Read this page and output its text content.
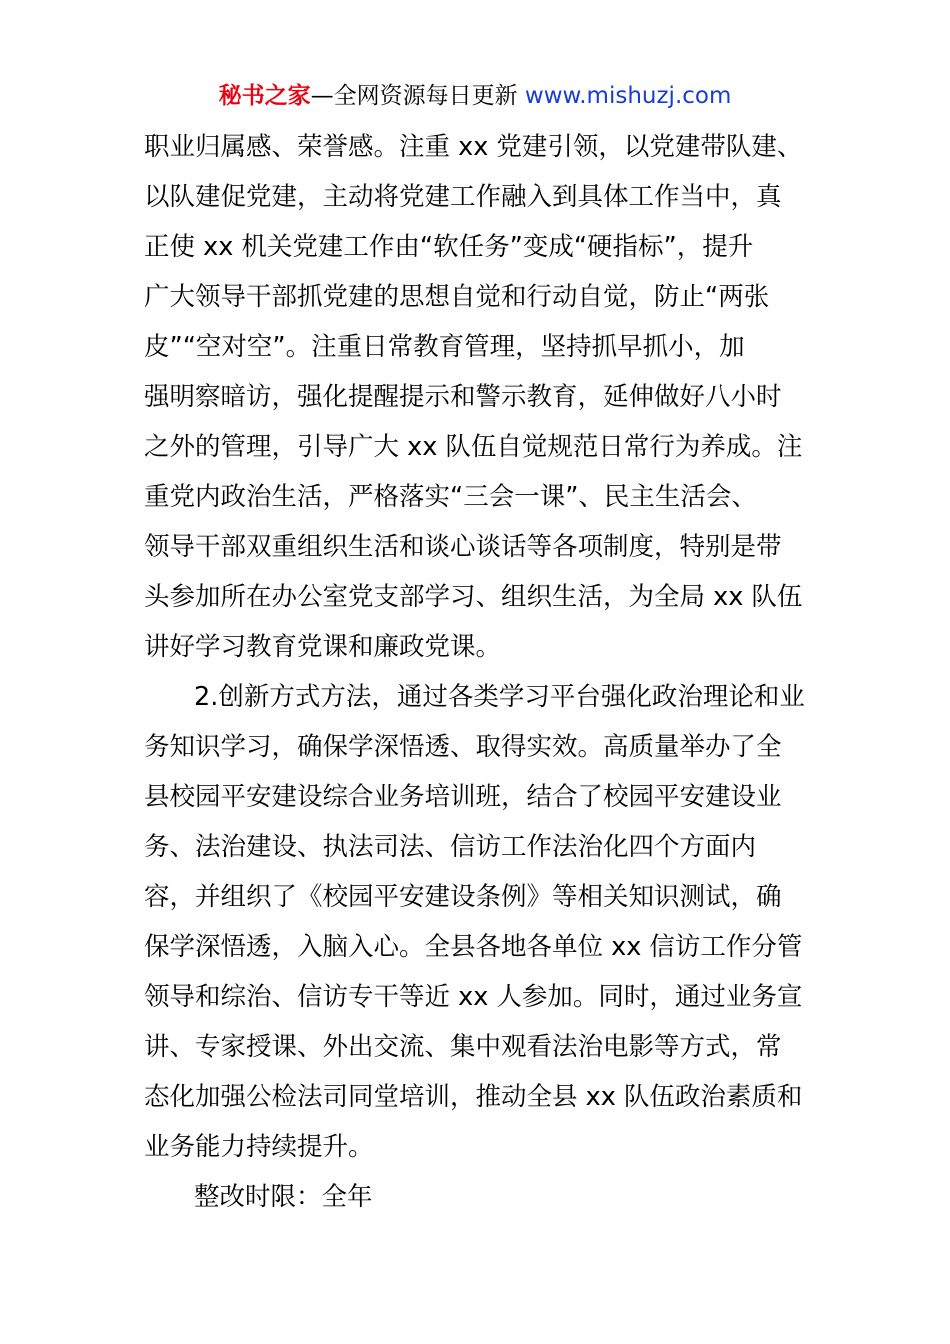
秘书之家—全网资源每日更新 www.mishuzj.com
职业归属感、荣誉感。注重 xx 党建引领，以党建带队建、
以队建促党建，主动将党建工作融入到具体工作当中，真
正使 xx 机关党建工作由“软任务”变成“硬指标”，提升
广大领导干部抓党建的思想自觉和行动自觉，防止“两张
皮”“空对空”。注重日常教育管理，坚持抓早抓小，加
强明察暗访，强化提醒提示和警示教育，延伸做好八小时
之外的管理，引导广大 xx 队伍自觉规范日常行为养成。注
重党内政治生活，严格落实“三会一课”、民主生活会、
领导干部双重组织生活和谈心谈话等各项制度，特别是带
头参加所在办公室党支部学习、组织生活，为全局 xx 队伍
讲好学习教育党课和廉政党课。
2.创新方式方法，通过各类学习平台强化政治理论和业
务知识学习，确保学深悟透、取得实效。高质量举办了全
县校园平安建设综合业务培训班，结合了校园平安建设业
务、法治建设、执法司法、信访工作法治化四个方面内
容，并组织了《校园平安建设条例》等相关知识测试，确
保学深悟透，入脑入心。全县各地各单位 xx 信访工作分管
领导和综治、信访专干等近 xx 人参加。同时，通过业务宣
讲、专家授课、外出交流、集中观看法治电影等方式，常
态化加强公检法司同堂培训，推动全县 xx 队伍政治素质和
业务能力持续提升。
整改时限：全年
